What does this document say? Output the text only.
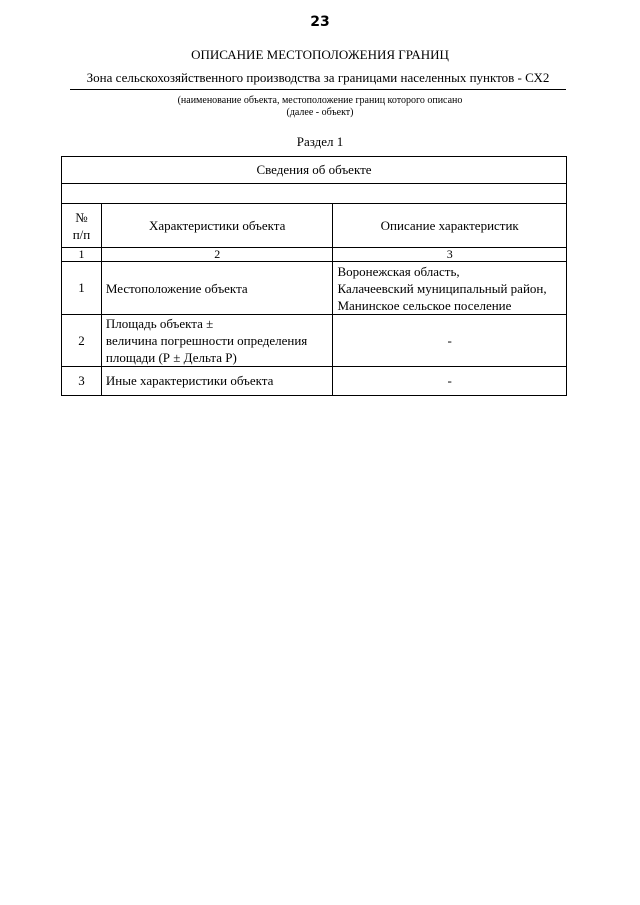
23
ОПИСАНИЕ МЕСТОПОЛОЖЕНИЯ ГРАНИЦ
Зона сельскохозяйственного производства за границами населенных пунктов - СХ2
(наименование объекта, местоположение границ которого описано
(далее - объект)
Раздел 1
Сведения об объекте		

№
п/п	Характеристики объекта	Описание характеристик
1	2	3
1	Местоположение объекта	Воронежская область,
Калачеевский муниципальный район,
Манинское сельское поселение

2	Площадь объекта ±
величина погрешности определения
площади (Р ± Дельта Р)	-
3	Иные характеристики объекта	-
